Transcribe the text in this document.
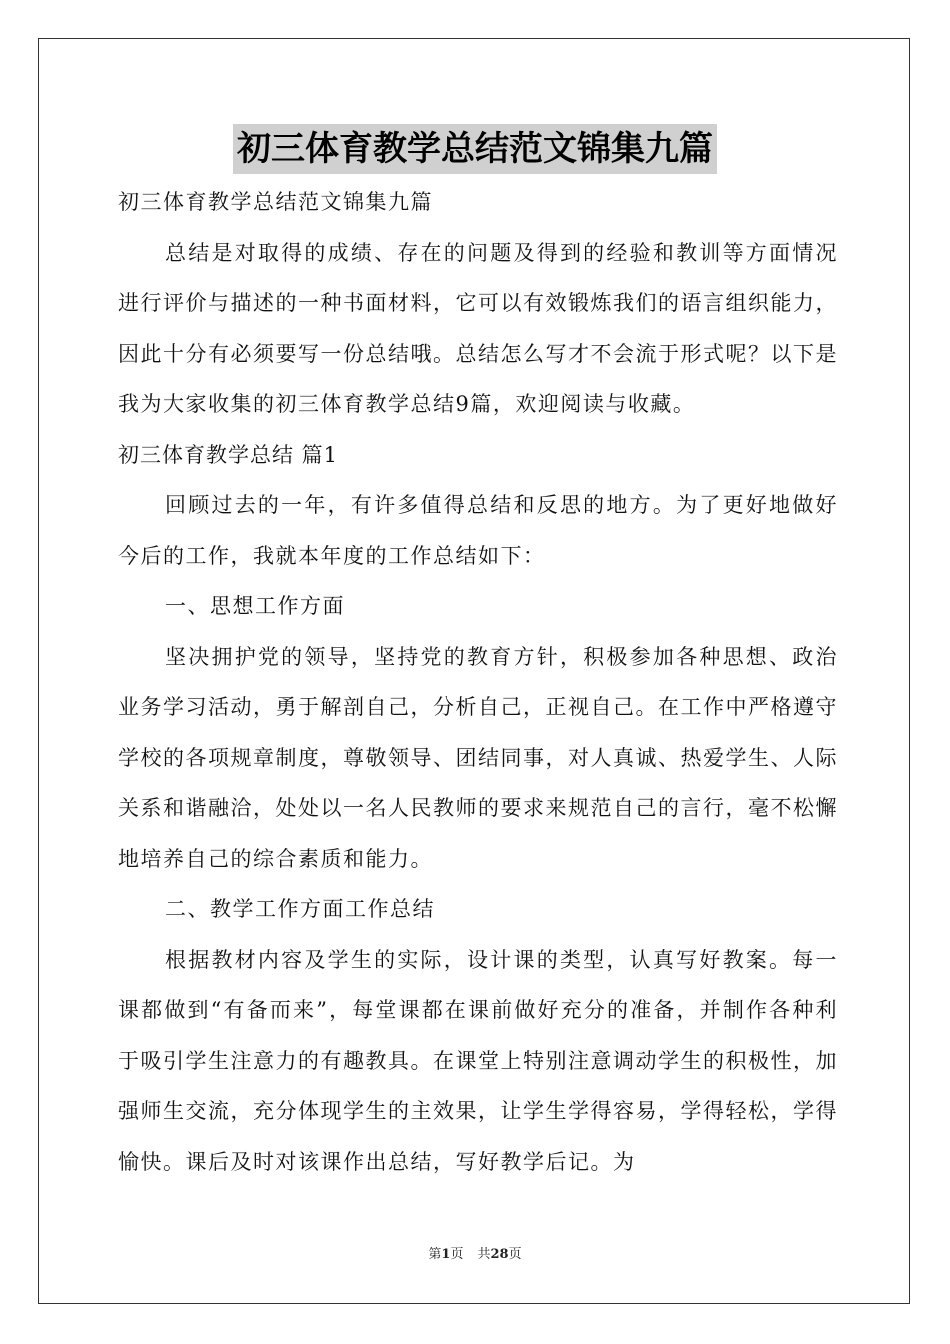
初三体育教学总结范文锦集九篇

初三体育教学总结范文锦集九篇

总结是对取得的成绩、存在的问题及得到的经验和教训等方面情况进行评价与描述的一种书面材料，它可以有效锻炼我们的语言组织能力，因此十分有必须要写一份总结哦。总结怎么写才不会流于形式呢？以下是我为大家收集的初三体育教学总结9篇，欢迎阅读与收藏。

初三体育教学总结 篇1

回顾过去的一年，有许多值得总结和反思的地方。为了更好地做好今后的工作，我就本年度的工作总结如下：

一、思想工作方面

坚决拥护党的领导，坚持党的教育方针，积极参加各种思想、政治业务学习活动，勇于解剖自己，分析自己，正视自己。在工作中严格遵守学校的各项规章制度，尊敬领导、团结同事，对人真诚、热爱学生、人际关系和谐融洽，处处以一名人民教师的要求来规范自己的言行，毫不松懈地培养自己的综合素质和能力。

二、教学工作方面工作总结

根据教材内容及学生的实际，设计课的类型，认真写好教案。每一课都做到“有备而来”，每堂课都在课前做好充分的准备，并制作各种利于吸引学生注意力的有趣教具。在课堂上特别注意调动学生的积极性，加强师生交流，充分体现学生的主效果，让学生学得容易，学得轻松，学得愉快。课后及时对该课作出总结，写好教学后记。为

第1页 共28页
